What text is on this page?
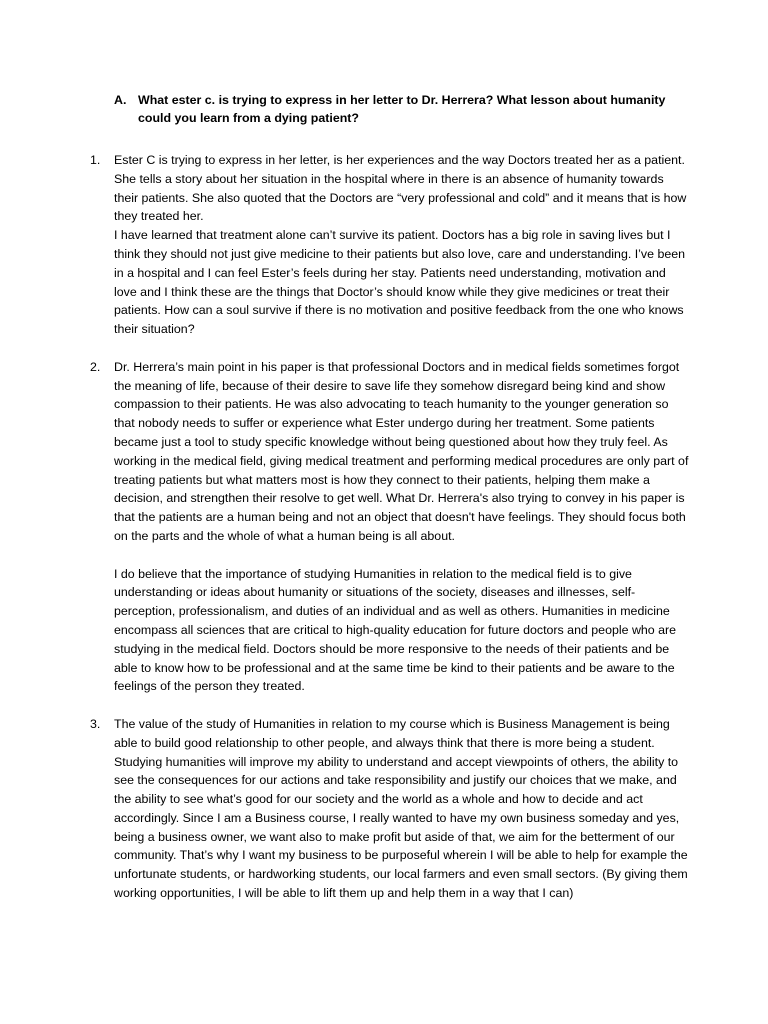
A. What ester c. is trying to express in her letter to Dr. Herrera? What lesson about humanity could you learn from a dying patient?
1.	Ester C is trying to express in her letter, is her experiences and the way Doctors treated her as a patient. She tells a story about her situation in the hospital where in there is an absence of humanity towards their patients. She also quoted that the Doctors are “very professional and cold” and it means that is how they treated her.

I have learned that treatment alone can’t survive its patient. Doctors has a big role in saving lives but I think they should not just give medicine to their patients but also love, care and understanding. I’ve been in a hospital and I can feel Ester’s feels during her stay. Patients need understanding, motivation and love and I think these are the things that Doctor’s should know while they give medicines or treat their patients. How can a soul survive if there is no motivation and positive feedback from the one who knows their situation?

2.	Dr. Herrera’s main point in his paper is that professional Doctors and in medical fields sometimes forgot the meaning of life, because of their desire to save life they somehow disregard being kind and show compassion to their patients. He was also advocating to teach humanity to the younger generation so that nobody needs to suffer or experience what Ester undergo during her treatment. Some patients became just a tool to study specific knowledge without being questioned about how they truly feel. As working in the medical field, giving medical treatment and performing medical procedures are only part of treating patients but what matters most is how they connect to their patients, helping them make a decision, and strengthen their resolve to get well. What Dr. Herrera's also trying to convey in his paper is that the patients are a human being and not an object that doesn't have feelings. They should focus both on the parts and the whole of what a human being is all about.

I do believe that the importance of studying Humanities in relation to the medical field is to give understanding or ideas about humanity or situations of the society, diseases and illnesses, self-perception, professionalism, and duties of an individual and as well as others. Humanities in medicine encompass all sciences that are critical to high-quality education for future doctors and people who are studying in the medical field. Doctors should be more responsive to the needs of their patients and be able to know how to be professional and at the same time be kind to their patients and be aware to the feelings of the person they treated.

3.	The value of the study of Humanities in relation to my course which is Business Management is being able to build good relationship to other people, and always think that there is more being a student. Studying humanities will improve my ability to understand and accept viewpoints of others, the ability to see the consequences for our actions and take responsibility and justify our choices that we make, and the ability to see what’s good for our society and the world as a whole and how to decide and act accordingly. Since I am a Business course, I really wanted to have my own business someday and yes, being a business owner, we want also to make profit but aside of that, we aim for the betterment of our community. That’s why I want my business to be purposeful wherein I will be able to help for example the unfortunate students, or hardworking students, our local farmers and even small sectors. (By giving them working opportunities, I will be able to lift them up and help them in a way that I can)
